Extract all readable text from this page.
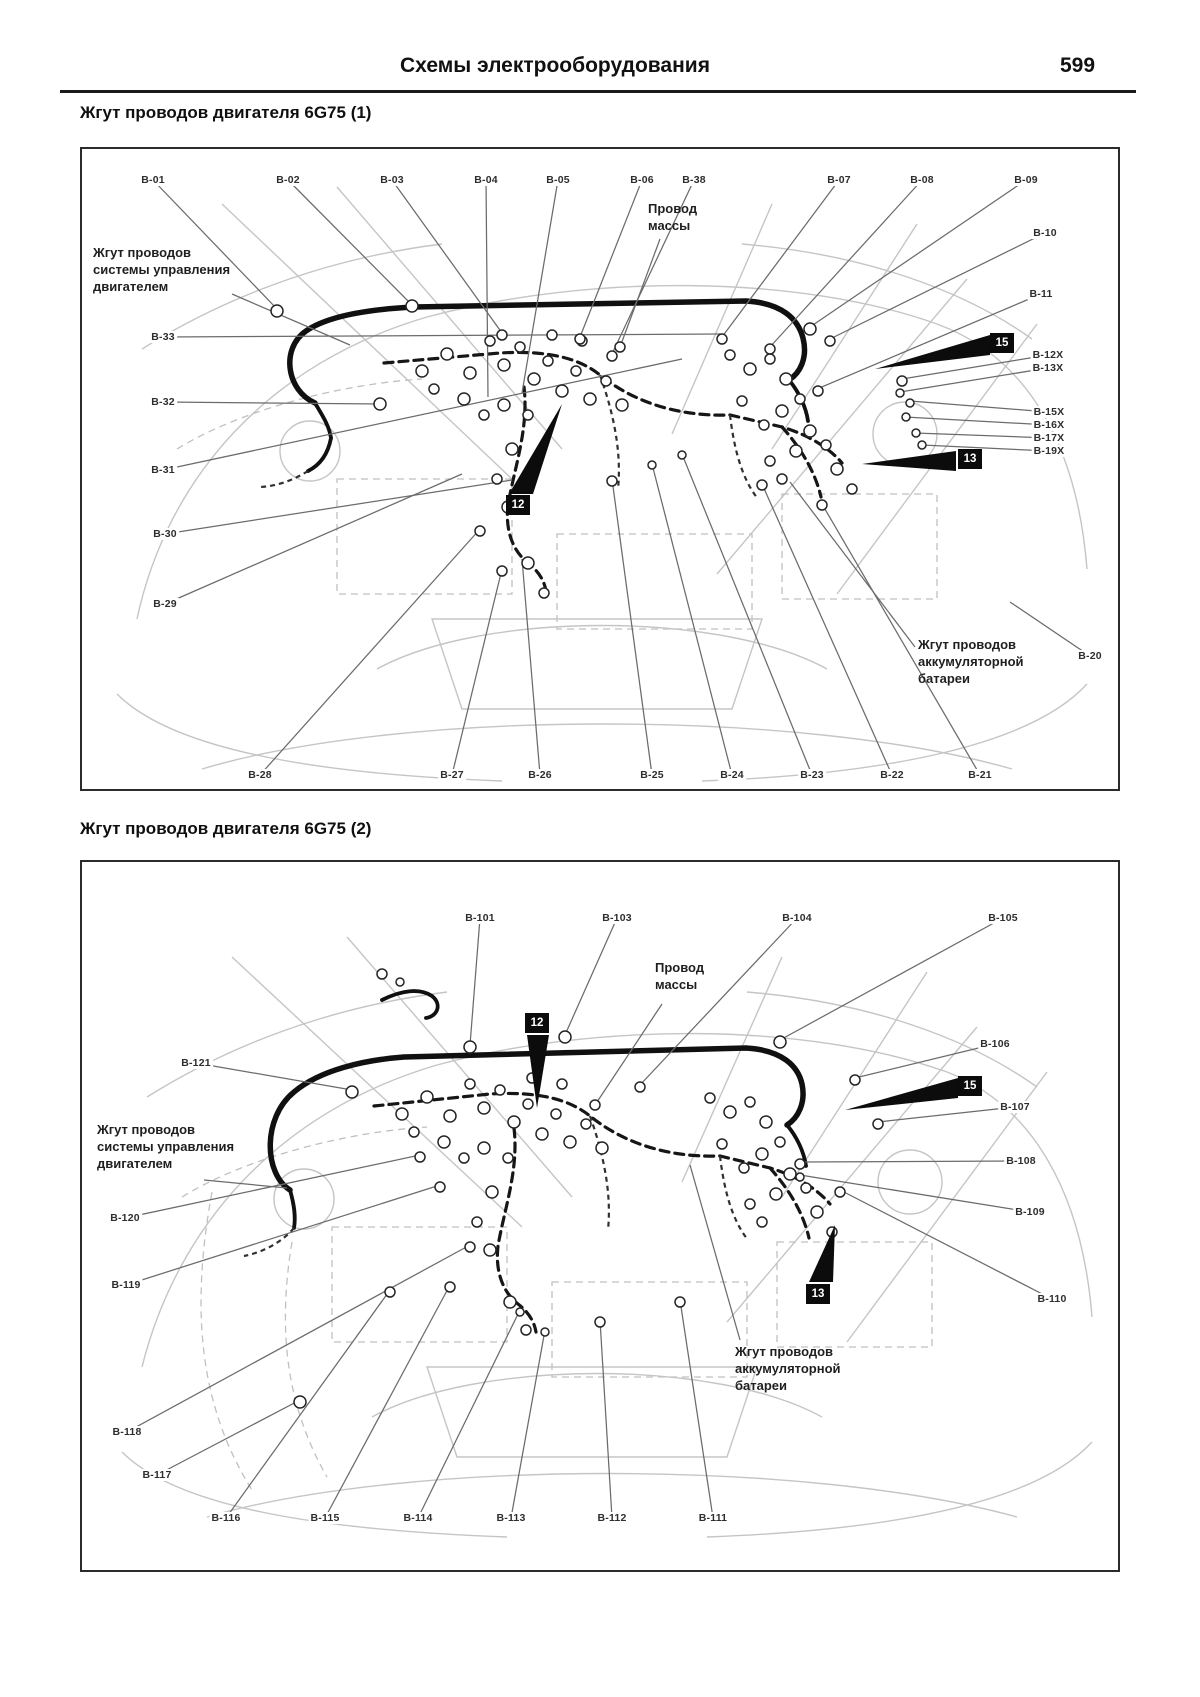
Схемы электрооборудования	599
Жгут проводов двигателя 6G75 (1)
B-01	B-02	B-03	B-04	B-05	B-06	B-38	B-07	B-08	B-09
B-10
B-11
B-12X
B-13X
B-15X
B-16X
B-17X
B-19X
B-20
B-21
B-22
B-23
B-24
B-25
B-26
B-27
B-28
B-29
B-30
B-31
B-32
B-33
Жгут проводов
системы управления
двигателем
Провод
массы
Жгут проводов
аккумуляторной
батареи
12
15
13
Жгут проводов двигателя 6G75 (2)
B-101	B-103	B-104	B-105
B-106
B-107
B-108
B-109
B-110
B-111
B-112
B-113
B-114
B-115
B-116
B-117
B-118
B-119
B-120
B-121
Провод
массы
Жгут проводов
системы управления
двигателем
Жгут проводов
аккумуляторной
батареи
12
15
13
